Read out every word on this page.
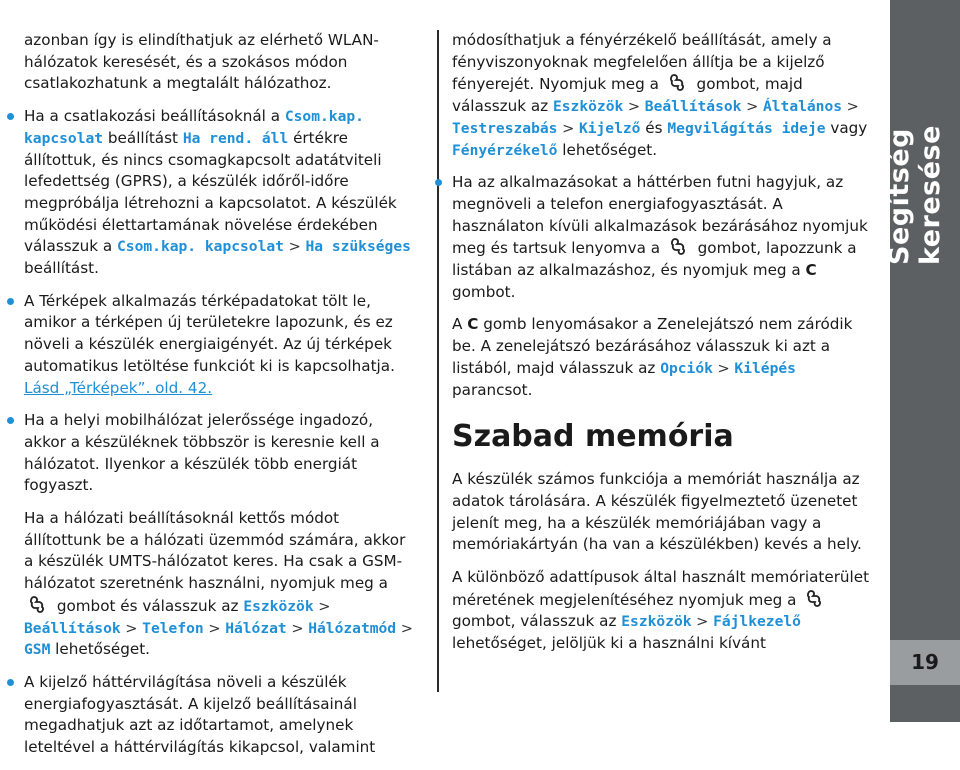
azonban így is elindíthatjuk az elérhető WLAN-hálózatok keresését, és a szokásos módon csatlakozhatunk a megtalált hálózathoz.

Ha a csatlakozási beállításoknál a Csom.kap. kapcsolat beállítást Ha rend. áll értékre állítottuk, és nincs csomagkapcsolt adatátviteli lefedettség (GPRS), a készülék időről-időre megpróbálja létrehozni a kapcsolatot. A készülék működési élettartamának növelése érdekében válasszuk a Csom.kap. kapcsolat > Ha szükséges beállítást.

A Térképek alkalmazás térképadatokat tölt le, amikor a térképen új területekre lapozunk, és ez növeli a készülék energiaigényét. Az új térképek automatikus letöltése funkciót ki is kapcsolhatja. Lásd „Térképek”. old. 42.

Ha a helyi mobilhálózat jelerőssége ingadozó, akkor a készüléknek többször is keresnie kell a hálózatot. Ilyenkor a készülék több energiát fogyaszt.

Ha a hálózati beállításoknál kettős módot állítottunk be a hálózati üzemmód számára, akkor a készülék UMTS-hálózatot keres. Ha csak a GSM-hálózatot szeretnénk használni, nyomjuk meg a  gombot és válasszuk az Eszközök > Beállítások > Telefon > Hálózat > Hálózatmód > GSM lehetőséget.

A kijelző háttérvilágítása növeli a készülék energiafogyasztását. A kijelző beállításainál megadhatjuk azt az időtartamot, amelynek leteltével a háttérvilágítás kikapcsol, valamint

módosíthatjuk a fényérzékelő beállítását, amely a fényviszonyoknak megfelelően állítja be a kijelző fényerejét. Nyomjuk meg a  gombot, majd válasszuk az Eszközök > Beállítások > Általános > Testreszabás > Kijelző és Megvilágítás ideje vagy Fényérzékelő lehetőséget.

Ha az alkalmazásokat a háttérben futni hagyjuk, az megnöveli a telefon energiafogyasztását. A használaton kívüli alkalmazások bezárásához nyomjuk meg és tartsuk lenyomva a  gombot, lapozzunk a listában az alkalmazáshoz, és nyomjuk meg a C gombot.

A C gomb lenyomásakor a Zenelejátszó nem záródik be. A zenelejátszó bezárásához válasszuk ki azt a listából, majd válasszuk az Opciók > Kilépés parancsot.

Szabad memória

A készülék számos funkciója a memóriát használja az adatok tárolására. A készülék figyelmeztető üzenetet jelenít meg, ha a készülék memóriájában vagy a memóriakártyán (ha van a készülékben) kevés a hely.

A különböző adattípusok által használt memóriaterület méretének megjelenítéséhez nyomjuk meg a  gombot, válasszuk az Eszközök > Fájlkezelő lehetőséget, jelöljük ki a használni kívánt

Segítség keresése
19
